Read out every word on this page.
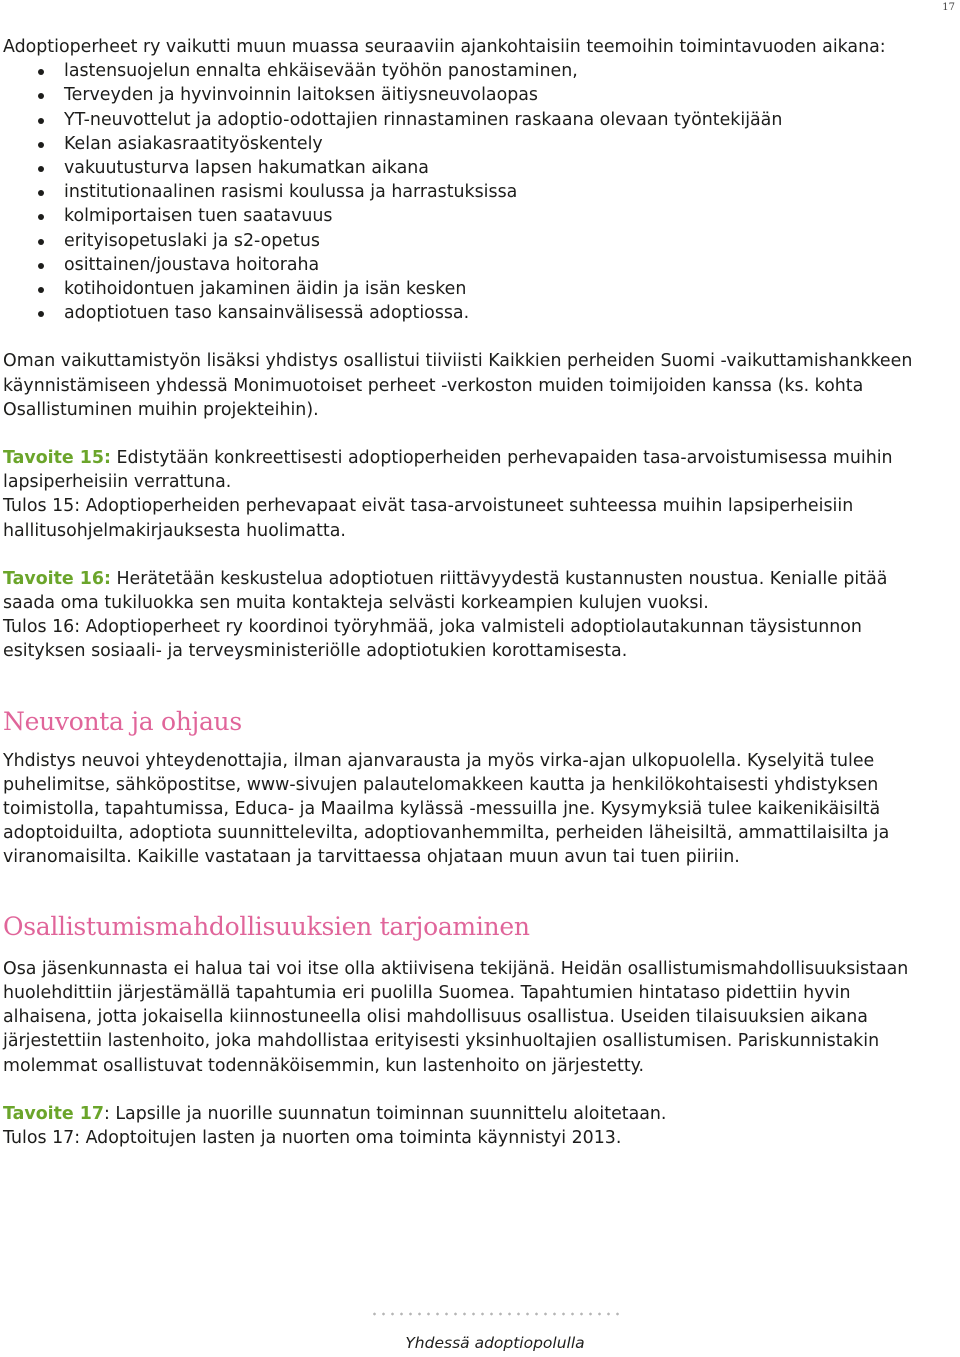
17

Adoptioperheet ry vaikutti muun muassa seuraaviin ajankohtaisiin teemoihin toimintavuoden aikana:

lastensuojelun ennalta ehkäisevään työhön panostaminen,
Terveyden ja hyvinvoinnin laitoksen äitiysneuvolaopas
YT-neuvottelut ja adoptio-odottajien rinnastaminen raskaana olevaan työntekijään
Kelan asiakasraatityöskentely
vakuutusturva lapsen hakumatkan aikana
institutionaalinen rasismi koulussa ja harrastuksissa
kolmiportaisen tuen saatavuus
erityisopetuslaki ja s2-opetus
osittainen/joustava hoitoraha
kotihoidontuen jakaminen äidin ja isän kesken
adoptiotuen taso kansainvälisessä adoptiossa.

Oman vaikuttamistyön lisäksi yhdistys osallistui tiiviisti Kaikkien perheiden Suomi -vaikuttamishankkeen käynnistämiseen yhdessä Monimuotoiset perheet -verkoston muiden toimijoiden kanssa (ks. kohta Osallistuminen muihin projekteihin).

Tavoite 15: Edistytään konkreettisesti adoptioperheiden perhevapaiden tasa-arvoistumisessa muihin lapsiperheisiin verrattuna.

Tulos 15: Adoptioperheiden perhevapaat eivät tasa-arvoistuneet suhteessa muihin lapsiperheisiin hallitusohjelmakirjauksesta huolimatta.

Tavoite 16: Herätetään keskustelua adoptiotuen riittävyydestä kustannusten noustua. Kenialle pitää saada oma tukiluokka sen muita kontakteja selvästi korkeampien kulujen vuoksi.

Tulos 16: Adoptioperheet ry koordinoi työryhmää, joka valmisteli adoptiolautakunnan täysistunnon esityksen sosiaali- ja terveysministeriölle adoptiotukien korottamisesta.

Neuvonta ja ohjaus

Yhdistys neuvoi yhteydenottajia, ilman ajanvarausta ja myös virka-ajan ulkopuolella. Kyselyitä tulee puhelimitse, sähköpostitse, www-sivujen palautelomakkeen kautta ja henkilökohtaisesti yhdistyksen toimistolla, tapahtumissa, Educa- ja Maailma kylässä -messuilla jne. Kysymyksiä tulee kaikenikäisiltä adoptoiduilta, adoptiota suunnittelevilta, adoptiovanhemmilta, perheiden läheisiltä, ammattilaisilta ja viranomaisilta. Kaikille vastataan ja tarvittaessa ohjataan muun avun tai tuen piiriin.

Osallistumismahdollisuuksien tarjoaminen

Osa jäsenkunnasta ei halua tai voi itse olla aktiivisena tekijänä. Heidän osallistumismahdollisuuksistaan huolehdittiin järjestämällä tapahtumia eri puolilla Suomea. Tapahtumien hintataso pidettiin hyvin alhaisena, jotta jokaisella kiinnostuneella olisi mahdollisuus osallistua. Useiden tilaisuuksien aikana järjestettiin lastenhoito, joka mahdollistaa erityisesti yksinhuoltajien osallistumisen. Pariskunnistakin molemmat osallistuvat todennäköisemmin, kun lastenhoito on järjestetty.

Tavoite 17: Lapsille ja nuorille suunnatun toiminnan suunnittelu aloitetaan.

Tulos 17: Adoptoitujen lasten ja nuorten oma toiminta käynnistyi 2013.

Yhdessä adoptiopolulla
